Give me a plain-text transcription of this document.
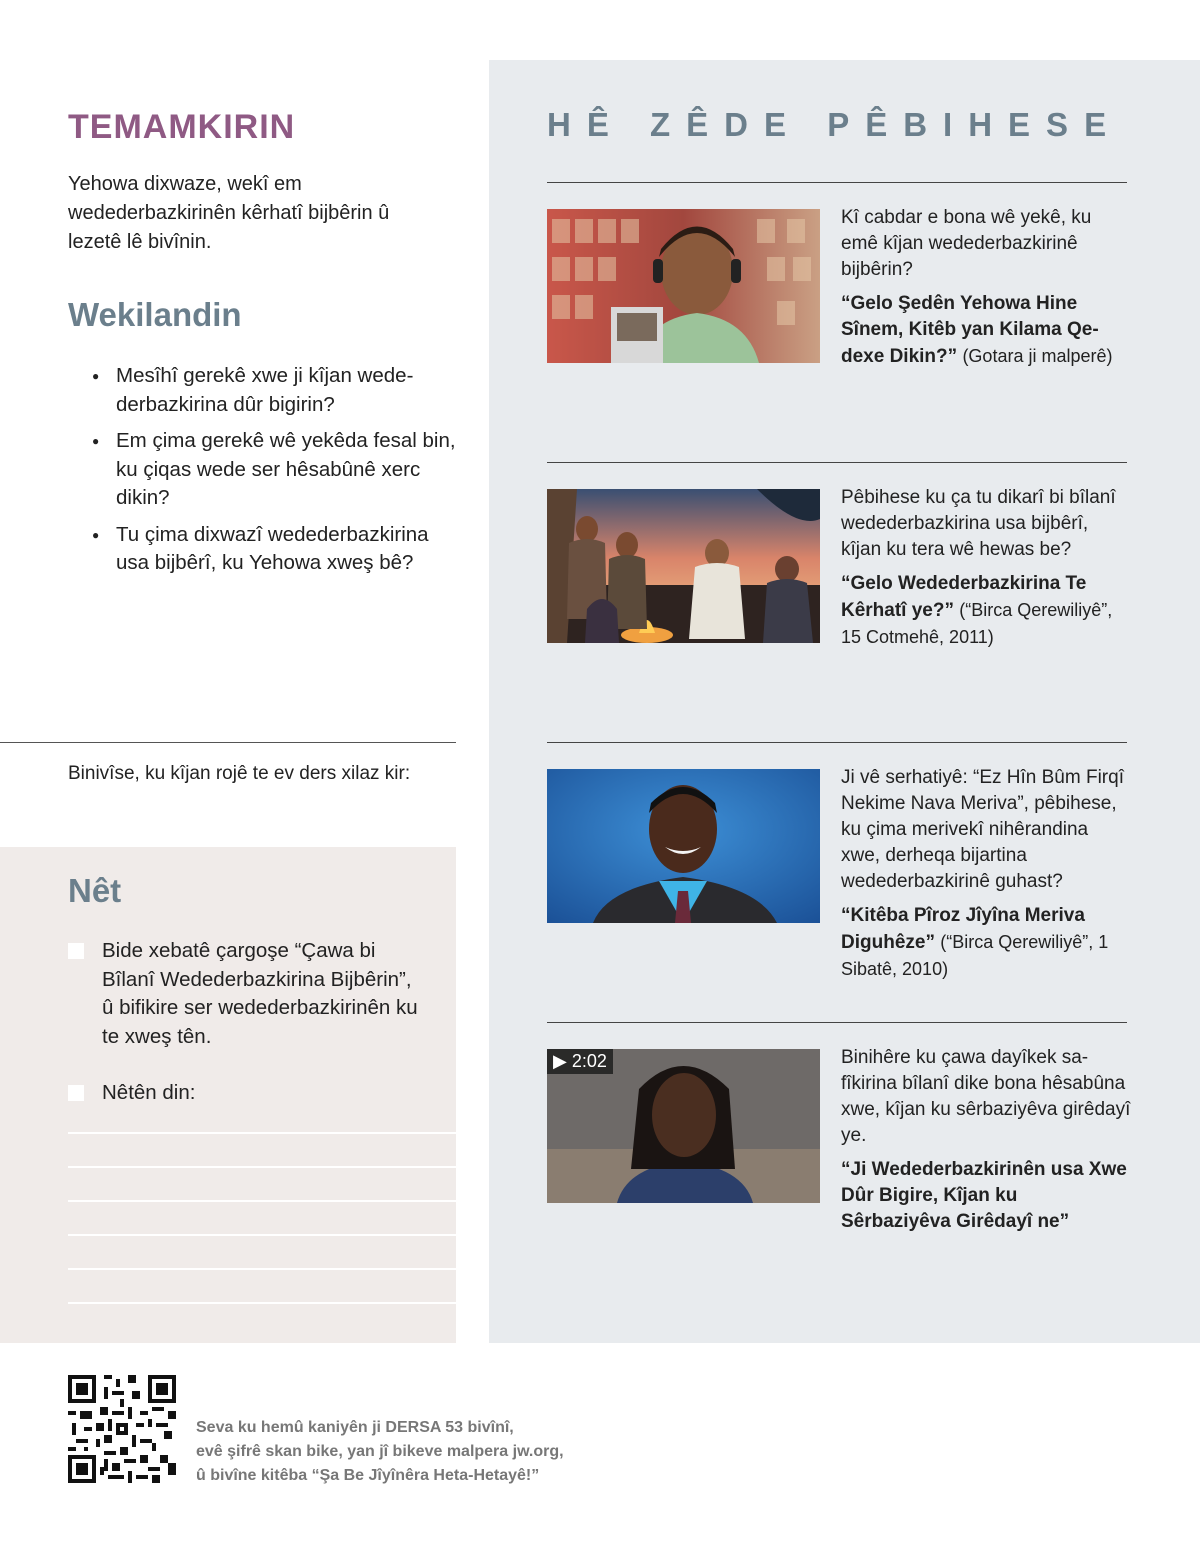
TEMAMKIRIN

Yehowa dixwaze, wekî em wedederbazkirinên kêrhatî bijbêrin û lezetê lê bivînin.

Wekilandin
● Mesîhî gerekê xwe ji kîjan wedederbazkirina dûr bigirin?
● Em çima gerekê wê yekêda fesal bin, ku çiqas wede ser hêsabûnê xerc dikin?
● Tu çima dixwazî wedederbazkirina usa bijbêrî, ku Yehowa xweş bê?

Binivîse, ku kîjan rojê te ev ders xilaz kir:

Nêt
Bide xebatê çargoşe “Çawa bi Bîlanî Wedederbazkirina Bijbêrin”, û bifikire ser wedederbazkirinên ku te xweş tên.
Nêtên din:
HÊ ZÊDE PÊBIHESE
Kî cabdar e bona wê yekê, ku emê kîjan wedederbazkirinê bijbêrin?
“Gelo Şedên Yehowa Hine Sînem, Kitêb yan Kilama Qedexe Dikin?” (Gotara ji malperê)
Pêbihese ku ça tu dikarî bi bîlanî wedederbazkirina usa bijbêrî, kîjan ku tera wê hewas be?
“Gelo Wedederbazkirina Te Kêrhatî ye?” (“Birca Qerewiliyê”, 15 Cotmehê, 2011)
Ji vê serhatiyê: “Ez Hîn Bûm Firqî Nekime Nava Meriva”, pêbihese, ku çima merivekî nihêrandina xwe, derheqa bijartina wedederbazkirinê guhast?
“Kitêba Pîroz Jîyîna Meriva Diguhêze” (“Birca Qerewiliyê”, 1 Sibatê, 2010)
▶ 2:02	Binihêre ku çawa dayîkek safîkirina bîlanî dike bona hêsabûna xwe, kîjan ku sêrbaziyêva girêdayî ye.
“Ji Wedederbazkirinên usa Xwe Dûr Bigire, Kîjan ku Sêrbaziyêva Girêdayî ne”
Seva ku hemû kaniyên ji DERSA 53 bivînî,
evê şifrê skan bike, yan jî bikeve malpera jw.org,
û bivîne kitêba “Şa Be Jîyînêra Heta-Hetayê!”
